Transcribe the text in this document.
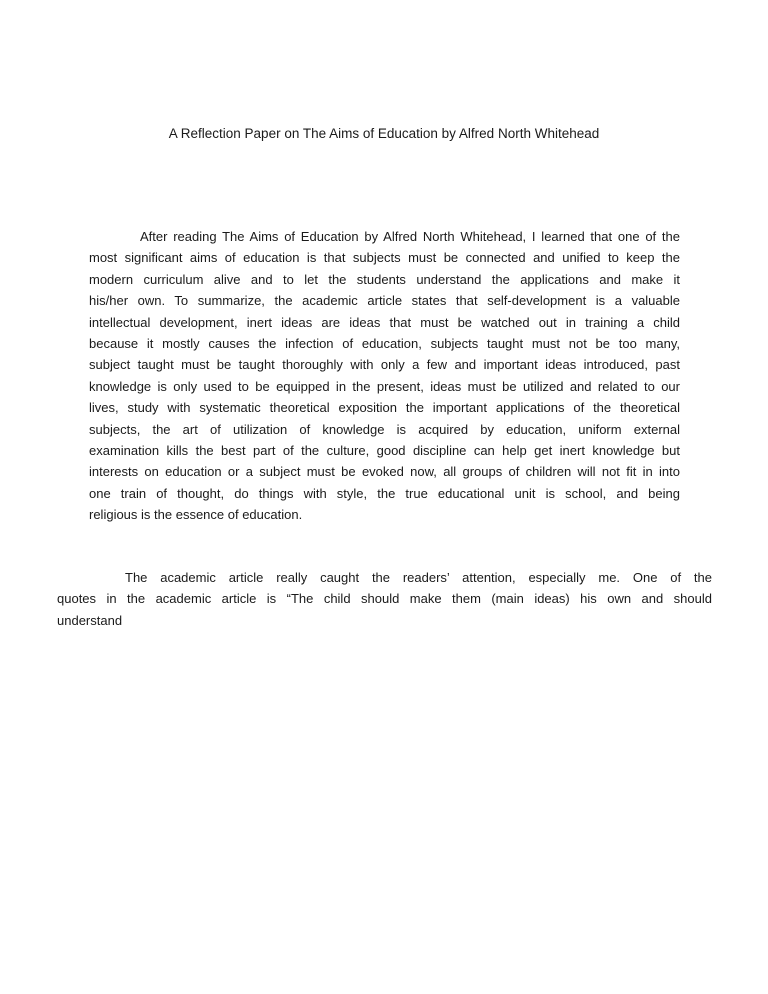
A Reflection Paper on The Aims of Education by Alfred North Whitehead
After reading The Aims of Education by Alfred North Whitehead, I learned that one of the
most significant aims of education is that subjects must be connected and unified to keep the
modern curriculum alive and to let the students understand the applications and make it
his/her own. To summarize, the academic article states that self-development is a valuable
intellectual development, inert ideas are ideas that must be watched out in training a child
because it mostly causes the infection of education, subjects taught must not be too many,
subject taught must be taught thoroughly with only a few and important ideas introduced, past
knowledge is only used to be equipped in the present, ideas must be utilized and related to our
lives, study with systematic theoretical exposition the important applications of the theoretical
subjects, the art of utilization of knowledge is acquired by education, uniform external
examination kills the best part of the culture, good discipline can help get inert knowledge but
interests on education or a subject must be evoked now, all groups of children will not fit in into
one train of thought, do things with style, the true educational unit is school, and being
religious is the essence of education.
The academic article really caught the readers’ attention, especially me. One of the
quotes in the academic article is “The child should make them (main ideas) his own and should
understand
